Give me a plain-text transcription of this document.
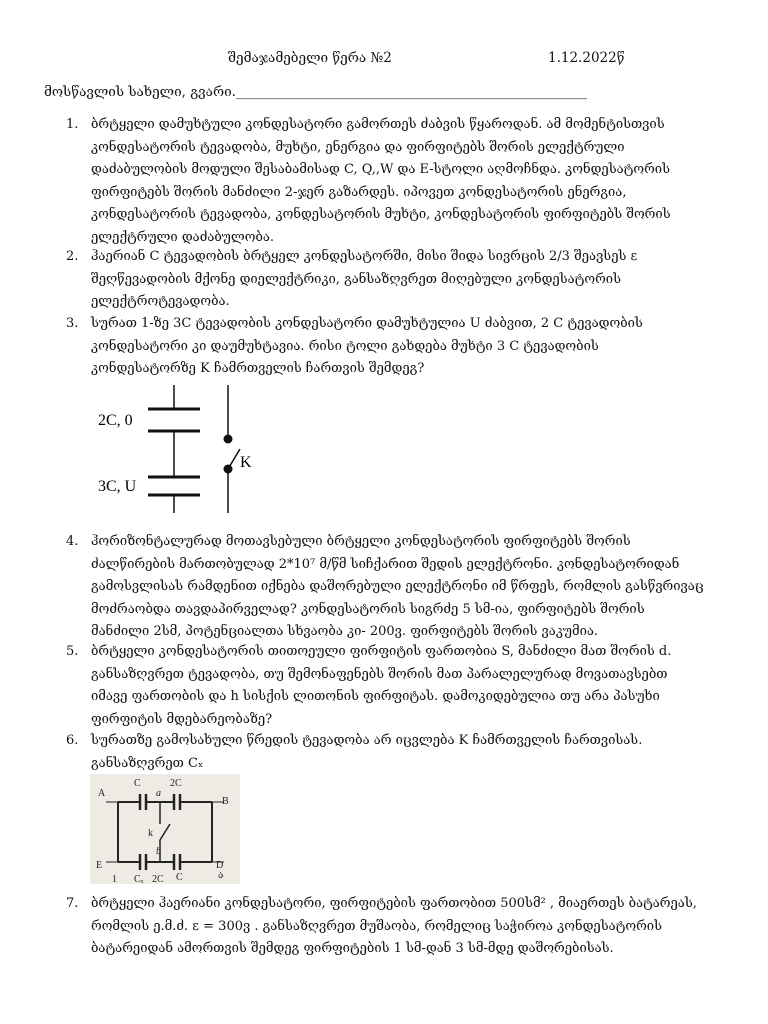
შემაჯამებელი წერა №2	1.12.2022წ
მოსწავლის სახელი, გვარი.____________________________________________________
1. ბრტყელი დამუხტული კონდესატორი გამორთეს ძაბვის წყაროდან. ამ მომენტისთვის კონდესატორის ტევადობა, მუხტი, ენერგია და ფირფიტებს შორის ელექტრული დაძაბულობის მოდული შესაბამისად C, Q,,W და E-სტოლი აღმოჩნდა. კონდესატორის ფირფიტებს შორის მანძილი 2-ჯერ გაზარდეს. იპოვეთ კონდესატორის ენერგია, კონდესატორის ტევადობა, კონდესატორის მუხტი, კონდესატორის ფირფიტებს შორის ელექტრული დაძაბულობა.
2. ჰაერიან C ტევადობის ბრტყელ კონდესატორში, მისი შიდა სივრცის 2/3 შეავსეს ε შეღწევადობის მქონე დიელექტრიკი, განსაზღვრეთ მიღებული კონდესატორის ელექტროტევადობა.
3. სურათ 1-ზე 3C ტევადობის კონდესატორი დამუხტულია U ძაბვით, 2 C ტევადობის კონდესატორი კი დაუმუხტავია. რისი ტოლი გახდება მუხტი 3 C ტევადობის კონდესატორზე K ჩამრთველის ჩართვის შემდეგ?
2C, 0
3C, U
K
4. ჰორიზონტალურად მოთავსებული ბრტყელი კონდესატორის ფირფიტებს შორის ძალწირების მართობულად 2*10⁷ მ/წმ სიჩქარით შედის ელექტრონი. კონდესატორიდან გამოსვლისას რამდენით იქნება დაშორებული ელექტრონი იმ წრფეს, რომლის გასწვრივაც მოძრაობდა თავდაპირველად? კონდესატორის სიგრძე 5 სმ-ია, ფირფიტებს შორის მანძილი 2სმ, პოტენციალთა სხვაობა კი- 200ვ. ფირფიტებს შორის ვაკუმია.
5. ბრტყელი კონდესატორის თითოეული ფირფიტის ფართობია S, მანძილი მათ შორის d. განსაზღვრეთ ტევადობა, თუ შემონაფენებს შორის მათ პარალელურად მოვათავსებთ იმავე ფართობის და h სისქის ლითონის ფირფიტას. დამოკიდებულია თუ არა პასუხი ფირფიტის მდებარეობაზე?
6. სურათზე გამოსახული წრედის ტევადობა არ იცვლება K ჩამრთველის ჩართვისას. განსაზღვრეთ Cₓ
A
B
E	D
C	2C
a
k
b
Cₓ 2C C
1	ა
7. ბრტყელი ჰაერიანი კონდესატორი, ფირფიტების ფართობით 500სმ² , მიაერთეს ბატარეას, რომლის ე.მ.ძ. ε = 300ვ . განსაზღვრეთ მუშაობა, რომელიც საჭიროა კონდესატორის ბატარეიდან ამორთვის შემდეგ ფირფიტების 1 სმ-დან 3 სმ-მდე დაშორებისას.
